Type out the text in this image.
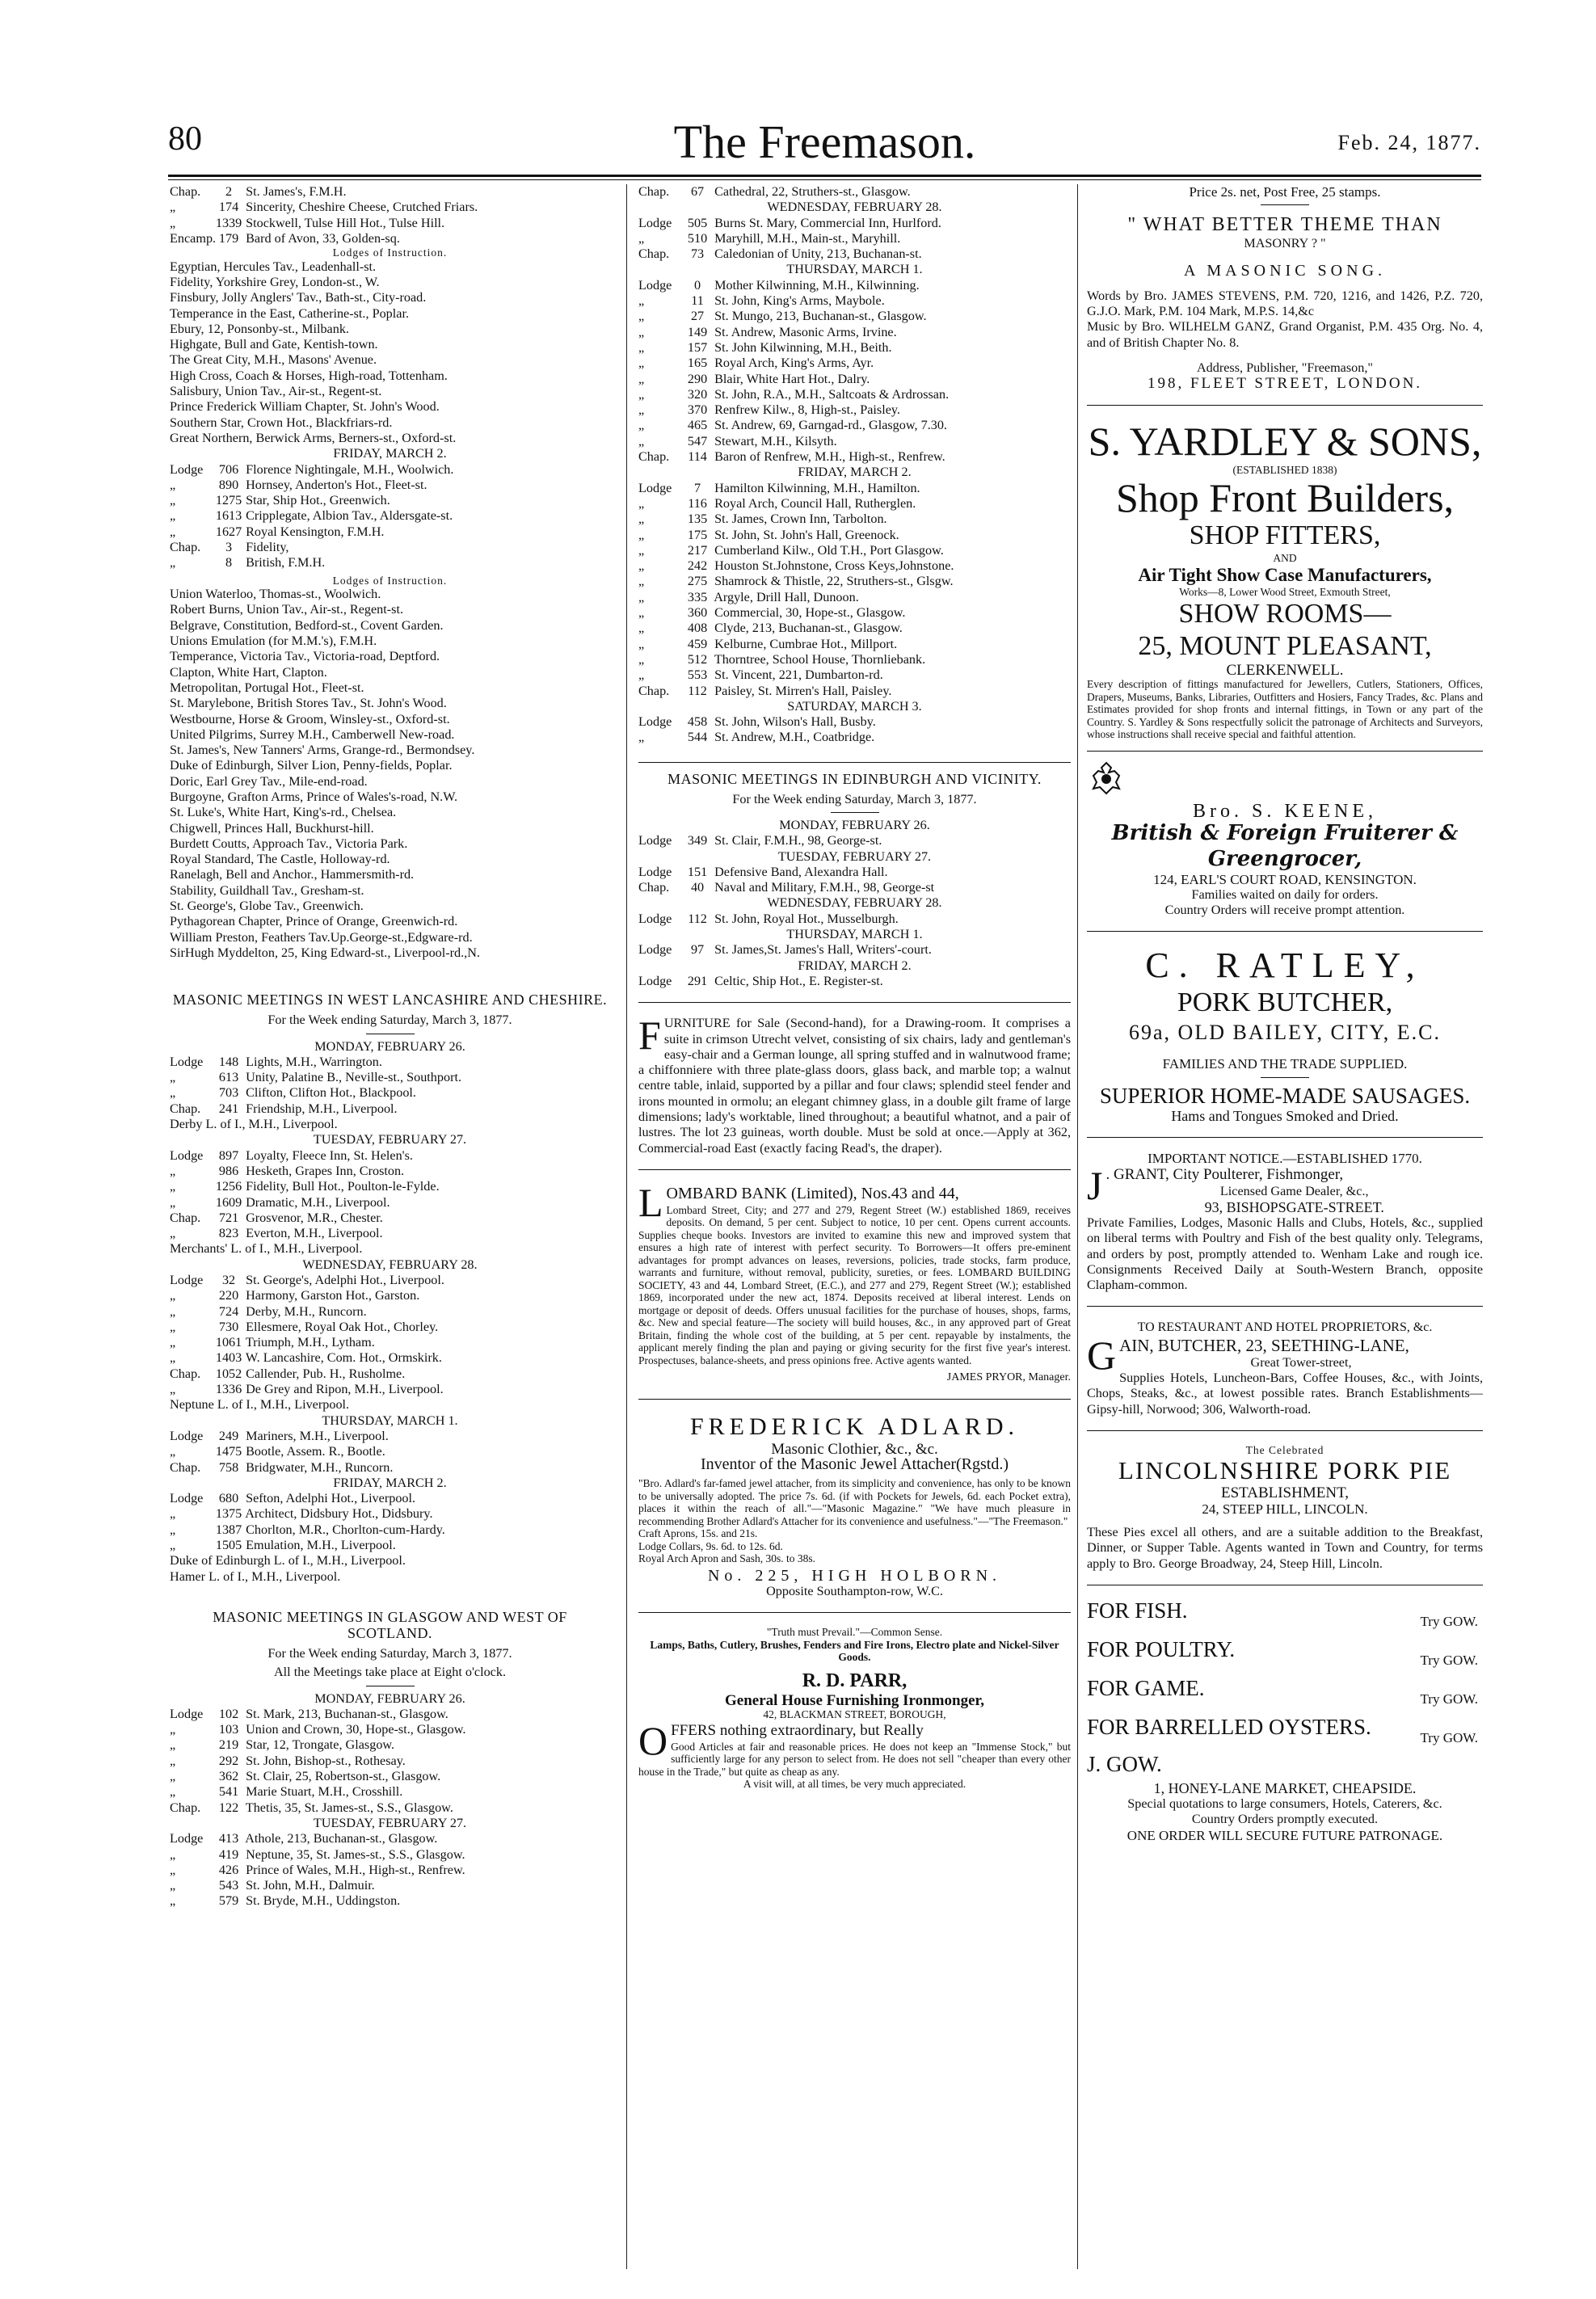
80	The Freemason.	Feb. 24, 1877.
Chap. 2 St. James's, F.M.H.
„	174 Sincerity, Cheshire Cheese, Crutched Friars.
„	1339 Stockwell, Tulse Hill Hot., Tulse Hill.
Encamp. 179 Bard of Avon, 33, Golden-sq.
Lodges of Instruction.
Egyptian, Hercules Tav., Leadenhall-st.
Fidelity, Yorkshire Grey, London-st., W.
Finsbury, Jolly Anglers' Tav., Bath-st., City-road.
Temperance in the East, Catherine-st., Poplar.
Ebury, 12, Ponsonby-st., Milbank.
Highgate, Bull and Gate, Kentish-town.
The Great City, M.H., Masons' Avenue.
High Cross, Coach & Horses, High-road, Tottenham.
Salisbury, Union Tav., Air-st., Regent-st.
Prince Frederick William Chapter, St. John's Wood.
Southern Star, Crown Hot., Blackfriars-rd.
Great Northern, Berwick Arms, Berners-st., Oxford-st.
FRIDAY, MARCH 2.
Lodge 706 Florence Nightingale, M.H., Woolwich.
„	890 Hornsey, Anderton's Hot., Fleet-st.
„	1275 Star, Ship Hot., Greenwich.
„	1613 Cripplegate, Albion Tav., Aldersgate-st.
„	1627 Royal Kensington, F.M.H.
Chap. 3 Fidelity,
„	8 British, F.M.H.
Lodges of Instruction.
Union Waterloo, Thomas-st., Woolwich.
Robert Burns, Union Tav., Air-st., Regent-st.
Belgrave, Constitution, Bedford-st., Covent Garden.
Unions Emulation (for M.M.'s), F.M.H.
Temperance, Victoria Tav., Victoria-road, Deptford.
Clapton, White Hart, Clapton.
Metropolitan, Portugal Hot., Fleet-st.
St. Marylebone, British Stores Tav., St. John's Wood.
Westbourne, Horse & Groom, Winsley-st., Oxford-st.
United Pilgrims, Surrey M.H., Camberwell New-road.
St. James's, New Tanners' Arms, Grange-rd., Bermondsey.
Duke of Edinburgh, Silver Lion, Penny-fields, Poplar.
Doric, Earl Grey Tav., Mile-end-road.
Burgoyne, Grafton Arms, Prince of Wales's-road, N.W.
St. Luke's, White Hart, King's-rd., Chelsea.
Chigwell, Princes Hall, Buckhurst-hill.
Burdett Coutts, Approach Tav., Victoria Park.
Royal Standard, The Castle, Holloway-rd.
Ranelagh, Bell and Anchor., Hammersmith-rd.
Stability, Guildhall Tav., Gresham-st.
St. George's, Globe Tav., Greenwich.
Pythagorean Chapter, Prince of Orange, Greenwich-rd.
William Preston, Feathers Tav.Up.George-st.,Edgware-rd.
SirHugh Myddelton, 25, King Edward-st., Liverpool-rd.,N.
MASONIC MEETINGS IN WEST LANCASHIRE AND CHESHIRE.
For the Week ending Saturday, March 3, 1877.
MONDAY, FEBRUARY 26.
Lodge 148 Lights, M.H., Warrington.
„	613 Unity, Palatine B., Neville-st., Southport.
„	703 Clifton, Clifton Hot., Blackpool.
Chap. 241 Friendship, M.H., Liverpool.
Derby L. of I., M.H., Liverpool.
TUESDAY, FEBRUARY 27.
Lodge 897 Loyalty, Fleece Inn, St. Helen's.
„	986 Hesketh, Grapes Inn, Croston.
„	1256 Fidelity, Bull Hot., Poulton-le-Fylde.
„	1609 Dramatic, M.H., Liverpool.
Chap. 721 Grosvenor, M.R., Chester.
„	823 Everton, M.H., Liverpool.
Merchants' L. of I., M.H., Liverpool.
WEDNESDAY, FEBRUARY 28.
Lodge 32 St. George's, Adelphi Hot., Liverpool.
„	220 Harmony, Garston Hot., Garston.
„	724 Derby, M.H., Runcorn.
„	730 Ellesmere, Royal Oak Hot., Chorley.
„	1061 Triumph, M.H., Lytham.
„	1403 W. Lancashire, Com. Hot., Ormskirk.
Chap. 1052 Callender, Pub. H., Rusholme.
„	1336 De Grey and Ripon, M.H., Liverpool.
Neptune L. of I., M.H., Liverpool.
THURSDAY, MARCH 1.
Lodge 249 Mariners, M.H., Liverpool.
„	1475 Bootle, Assem. R., Bootle.
Chap. 758 Bridgwater, M.H., Runcorn.
FRIDAY, MARCH 2.
Lodge 680 Sefton, Adelphi Hot., Liverpool.
„	1375 Architect, Didsbury Hot., Didsbury.
„	1387 Chorlton, M.R., Chorlton-cum-Hardy.
„	1505 Emulation, M.H., Liverpool.
Duke of Edinburgh L. of I., M.H., Liverpool.
Hamer L. of I., M.H., Liverpool.
MASONIC MEETINGS IN GLASGOW AND WEST OF SCOTLAND.
For the Week ending Saturday, March 3, 1877.
All the Meetings take place at Eight o'clock.
MONDAY, FEBRUARY 26.
Lodge 102 St. Mark, 213, Buchanan-st., Glasgow.
„	103 Union and Crown, 30, Hope-st., Glasgow.
„	219 Star, 12, Trongate, Glasgow.
„	292 St. John, Bishop-st., Rothesay.
„	362 St. Clair, 25, Robertson-st., Glasgow.
„	541 Marie Stuart, M.H., Crosshill.
Chap. 122 Thetis, 35, St. James-st., S.S., Glasgow.
TUESDAY, FEBRUARY 27.
Lodge 413 Athole, 213, Buchanan-st., Glasgow.
„	419 Neptune, 35, St. James-st., S.S., Glasgow.
„	426 Prince of Wales, M.H., High-st., Renfrew.
„	543 St. John, M.H., Dalmuir.
„	579 St. Bryde, M.H., Uddingston.
Chap. 67 Cathedral, 22, Struthers-st., Glasgow.
WEDNESDAY, FEBRUARY 28.
Lodge 505 Burns St. Mary, Commercial Inn, Hurlford.
„	510 Maryhill, M.H., Main-st., Maryhill.
Chap. 73 Caledonian of Unity, 213, Buchanan-st.
THURSDAY, MARCH 1.
Lodge 0 Mother Kilwinning, M.H., Kilwinning.
„	11 St. John, King's Arms, Maybole.
„	27 St. Mungo, 213, Buchanan-st., Glasgow.
„	149 St. Andrew, Masonic Arms, Irvine.
„	157 St. John Kilwinning, M.H., Beith.
„	165 Royal Arch, King's Arms, Ayr.
„	290 Blair, White Hart Hot., Dalry.
„	320 St. John, R.A., M.H., Saltcoats & Ardrossan.
„	370 Renfrew Kilw., 8, High-st., Paisley.
„	465 St. Andrew, 69, Garngad-rd., Glasgow, 7.30.
„	547 Stewart, M.H., Kilsyth.
Chap. 114 Baron of Renfrew, M.H., High-st., Renfrew.
FRIDAY, MARCH 2.
Lodge 7 Hamilton Kilwinning, M.H., Hamilton.
„	116 Royal Arch, Council Hall, Rutherglen.
„	135 St. James, Crown Inn, Tarbolton.
„	175 St. John, St. John's Hall, Greenock.
„	217 Cumberland Kilw., Old T.H., Port Glasgow.
„	242 Houston St.Johnstone, Cross Keys,Johnstone.
„	275 Shamrock & Thistle, 22, Struthers-st., Glsgw.
„	335 Argyle, Drill Hall, Dunoon.
„	360 Commercial, 30, Hope-st., Glasgow.
„	408 Clyde, 213, Buchanan-st., Glasgow.
„	459 Kelburne, Cumbrae Hot., Millport.
„	512 Thorntree, School House, Thornliebank.
„	553 St. Vincent, 221, Dumbarton-rd.
Chap. 112 Paisley, St. Mirren's Hall, Paisley.
SATURDAY, MARCH 3.
Lodge 458 St. John, Wilson's Hall, Busby.
„	544 St. Andrew, M.H., Coatbridge.
MASONIC MEETINGS IN EDINBURGH AND VICINITY.
For the Week ending Saturday, March 3, 1877.
MONDAY, FEBRUARY 26.
Lodge 349 St. Clair, F.M.H., 98, George-st.
TUESDAY, FEBRUARY 27.
Lodge 151 Defensive Band, Alexandra Hall.
Chap. 40 Naval and Military, F.M.H., 98, George-st
WEDNESDAY, FEBRUARY 28.
Lodge 112 St. John, Royal Hot., Musselburgh.
THURSDAY, MARCH 1.
Lodge 97 St. James,St. James's Hall, Writers'-court.
FRIDAY, MARCH 2.
Lodge 291 Celtic, Ship Hot., E. Register-st.
FURNITURE for Sale (Second-hand), for a Drawing-room. It comprises a suite in crimson Utrecht velvet, consisting of six chairs, lady and gentleman's easy-chair and a German lounge, all spring stuffed and in walnutwood frame; a chiffonniere with three plate-glass doors, glass back, and marble top; a walnut centre table, inlaid, supported by a pillar and four claws; splendid steel fender and irons mounted in ormolu; an elegant chimney glass, in a double gilt frame of large dimensions; lady's worktable, lined throughout; a beautiful whatnot, and a pair of lustres. The lot 23 guineas, worth double. Must be sold at once.—Apply at 362, Commercial-road East (exactly facing Read's, the draper).
LOMBARD BANK (Limited), Nos.43 and 44,
Lombard Street, City; and 277 and 279, Regent Street (W.) established 1869, receives deposits. On demand, 5 per cent. Subject to notice, 10 per cent. Opens current accounts. Supplies cheque books. Investors are invited to examine this new and improved system that ensures a high rate of interest with perfect security. To Borrowers—It offers pre-eminent advantages for prompt advances on leases, reversions, policies, trade stocks, farm produce, warrants and furniture, without removal, publicity, sureties, or fees. LOMBARD BUILDING SOCIETY, 43 and 44, Lombard Street, (E.C.), and 277 and 279, Regent Street (W.); established 1869, incorporated under the new act, 1874. Deposits received at liberal interest. Lends on mortgage or deposit of deeds. Offers unusual facilities for the purchase of houses, shops, farms, &c. New and special feature—The society will build houses, &c., in any approved part of Great Britain, finding the whole cost of the building, at 5 per cent. repayable by instalments, the applicant merely finding the plan and paying or giving security for the first five year's interest. Prospectuses, balance-sheets, and press opinions free. Active agents wanted.
JAMES PRYOR, Manager.
FREDERICK ADLARD.
Masonic Clothier, &c., &c.
Inventor of the Masonic Jewel Attacher(Rgstd.)
"Bro. Adlard's far-famed jewel attacher, from its simplicity and convenience, has only to be known to be universally adopted. The price 7s. 6d. (if with Pockets for Jewels, 6d. each Pocket extra), places it within the reach of all."—"Masonic Magazine." "We have much pleasure in recommending Brother Adlard's Attacher for its convenience and usefulness."—"The Freemason."
Craft Aprons, 15s. and 21s.
Lodge Collars, 9s. 6d. to 12s. 6d.
Royal Arch Apron and Sash, 30s. to 38s.
No. 225, HIGH HOLBORN.
Opposite Southampton-row, W.C.
"Truth must Prevail."—Common Sense.
Lamps, Baths, Cutlery, Brushes, Fenders and Fire Irons, Electro plate and Nickel-Silver Goods.
R. D. PARR,
General House Furnishing Ironmonger,
42, BLACKMAN STREET, BOROUGH,
OFFERS nothing extraordinary, but Really
Good Articles at fair and reasonable prices. He does not keep an "Immense Stock," but sufficiently large for any person to select from. He does not sell "cheaper than every other house in the Trade," but quite as cheap as any.
A visit will, at all times, be very much appreciated.
Price 2s. net, Post Free, 25 stamps.
" WHAT BETTER THEME THAN
MASONRY ? "
A MASONIC SONG.
Words by Bro. JAMES STEVENS, P.M. 720, 1216, and 1426, P.Z. 720, G.J.O. Mark, P.M. 104 Mark, M.P.S. 14,&c
Music by Bro. WILHELM GANZ, Grand Organist, P.M. 435 Org. No. 4, and of British Chapter No. 8.
Address, Publisher, "Freemason,"
198, FLEET STREET, LONDON.
S. YARDLEY & SONS,
(ESTABLISHED 1838)
Shop Front Builders,
SHOP FITTERS,
AND
Air Tight Show Case Manufacturers,
Works—8, Lower Wood Street, Exmouth Street,
SHOW ROOMS—
25, MOUNT PLEASANT,
CLERKENWELL.
Every description of fittings manufactured for Jewellers, Cutlers, Stationers, Offices, Drapers, Museums, Banks, Libraries, Outfitters and Hosiers, Fancy Trades, &c. Plans and Estimates provided for shop fronts and internal fittings, in Town or any part of the Country. S. Yardley & Sons respectfully solicit the patronage of Architects and Surveyors, whose instructions shall receive special and faithful attention.
Bro. S. KEENE,
British & Foreign Fruiterer & Greengrocer,
124, EARL'S COURT ROAD, KENSINGTON.
Families waited on daily for orders.
Country Orders will receive prompt attention.
C. RATLEY,
PORK BUTCHER,
69a, OLD BAILEY, CITY, E.C.
FAMILIES AND THE TRADE SUPPLIED.
SUPERIOR HOME-MADE SAUSAGES.
Hams and Tongues Smoked and Dried.
IMPORTANT NOTICE.—ESTABLISHED 1770.
J . GRANT, City Poulterer, Fishmonger,
Licensed Game Dealer, &c.,
93, BISHOPSGATE-STREET.
Private Families, Lodges, Masonic Halls and Clubs, Hotels, &c., supplied on liberal terms with Poultry and Fish of the best quality only. Telegrams, and orders by post, promptly attended to. Wenham Lake and rough ice. Consignments Received Daily at South-Western Branch, opposite Clapham-common.
TO RESTAURANT AND HOTEL PROPRIETORS, &c.
GAIN, BUTCHER, 23, SEETHING-LANE,
Great Tower-street,
Supplies Hotels, Luncheon-Bars, Coffee Houses, &c., with Joints, Chops, Steaks, &c., at lowest possible rates. Branch Establishments—Gipsy-hill, Norwood; 306, Walworth-road.
The Celebrated
LINCOLNSHIRE PORK PIE
ESTABLISHMENT,
24, STEEP HILL, LINCOLN.
These Pies excel all others, and are a suitable addition to the Breakfast, Dinner, or Supper Table. Agents wanted in Town and Country, for terms apply to Bro. George Broadway, 24, Steep Hill, Lincoln.
FOR FISH.	Try GOW.
FOR POULTRY.	Try GOW.
FOR GAME.	Try GOW.
FOR BARRELLED OYSTERS.	Try GOW.
J. GOW.
1, HONEY-LANE MARKET, CHEAPSIDE.
Special quotations to large consumers, Hotels, Caterers, &c.
Country Orders promptly executed.
ONE ORDER WILL SECURE FUTURE PATRONAGE.
